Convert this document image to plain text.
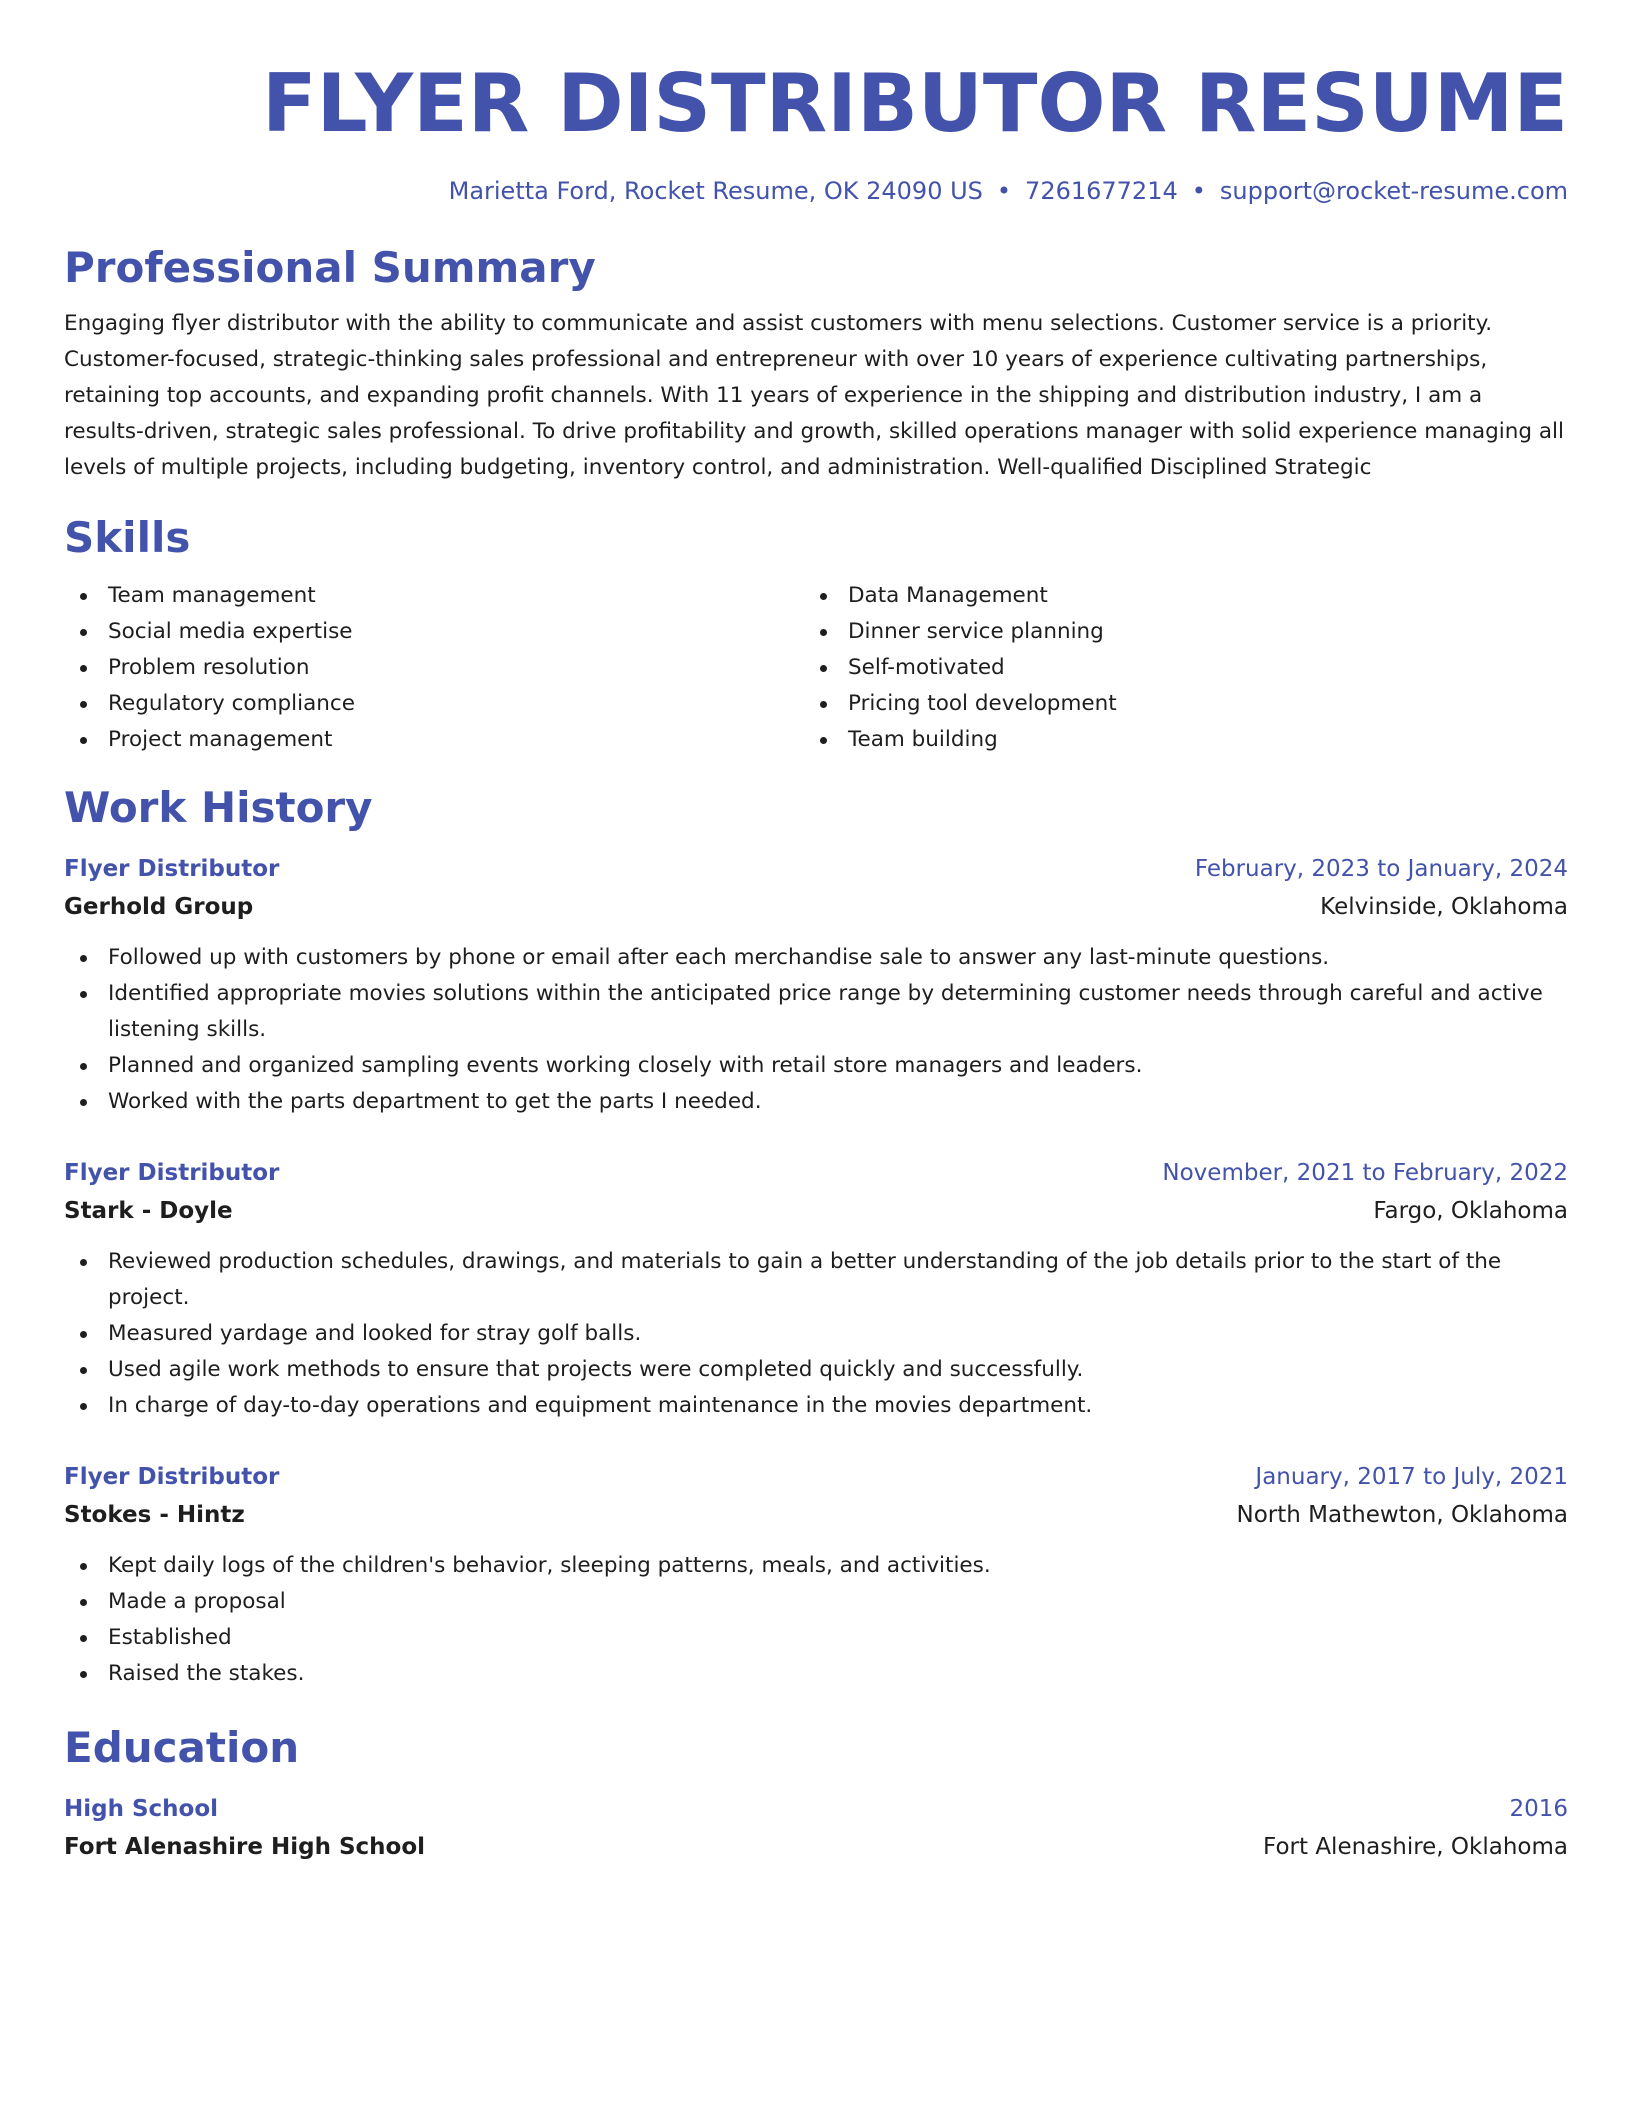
FLYER DISTRIBUTOR RESUME
Marietta Ford, Rocket Resume, OK 24090 US • 7261677214 • support@rocket-resume.com
Professional Summary
Engaging flyer distributor with the ability to communicate and assist customers with menu selections. Customer service is a priority. Customer-focused, strategic-thinking sales professional and entrepreneur with over 10 years of experience cultivating partnerships, retaining top accounts, and expanding profit channels. With 11 years of experience in the shipping and distribution industry, I am a results-driven, strategic sales professional. To drive profitability and growth, skilled operations manager with solid experience managing all levels of multiple projects, including budgeting, inventory control, and administration. Well-qualified Disciplined Strategic
Skills
Team management
Social media expertise
Problem resolution
Regulatory compliance
Project management
Data Management
Dinner service planning
Self-motivated
Pricing tool development
Team building
Work History
Flyer Distributor	February, 2023 to January, 2024
Gerhold Group	Kelvinside, Oklahoma
Followed up with customers by phone or email after each merchandise sale to answer any last-minute questions.
Identified appropriate movies solutions within the anticipated price range by determining customer needs through careful and active listening skills.
Planned and organized sampling events working closely with retail store managers and leaders.
Worked with the parts department to get the parts I needed.
Flyer Distributor	November, 2021 to February, 2022
Stark - Doyle	Fargo, Oklahoma
Reviewed production schedules, drawings, and materials to gain a better understanding of the job details prior to the start of the project.
Measured yardage and looked for stray golf balls.
Used agile work methods to ensure that projects were completed quickly and successfully.
In charge of day-to-day operations and equipment maintenance in the movies department.
Flyer Distributor	January, 2017 to July, 2021
Stokes - Hintz	North Mathewton, Oklahoma
Kept daily logs of the children's behavior, sleeping patterns, meals, and activities.
Made a proposal
Established
Raised the stakes.
Education
High School	2016
Fort Alenashire High School	Fort Alenashire, Oklahoma
